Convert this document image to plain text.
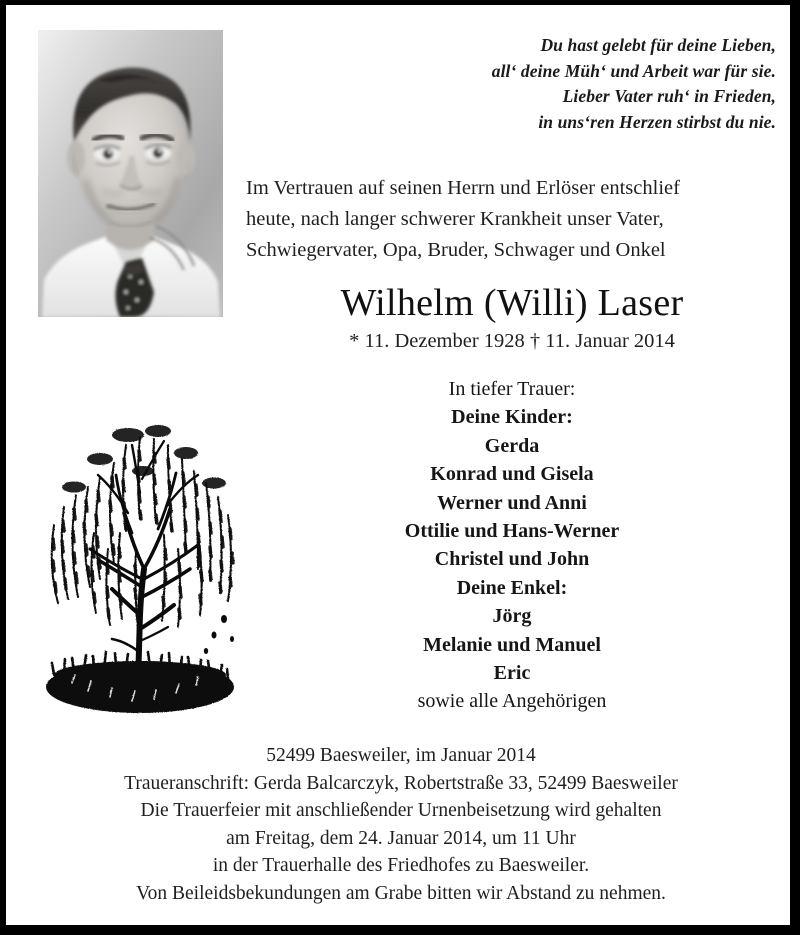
Du hast gelebt für deine Lieben,
all‘ deine Müh‘ und Arbeit war für sie.
Lieber Vater ruh‘ in Frieden,
in uns‘ren Herzen stirbst du nie.
Im Vertrauen auf seinen Herrn und Erlöser entschlief
heute, nach langer schwerer Krankheit unser Vater,
Schwiegervater, Opa, Bruder, Schwager und Onkel
Wilhelm (Willi) Laser
* 11. Dezember 1928 † 11. Januar 2014
In tiefer Trauer:
Deine Kinder:
Gerda
Konrad und Gisela
Werner und Anni
Ottilie und Hans-Werner
Christel und John
Deine Enkel:
Jörg
Melanie und Manuel
Eric
sowie alle Angehörigen
52499 Baesweiler, im Januar 2014
Traueranschrift: Gerda Balcarczyk, Robertstraße 33, 52499 Baesweiler
Die Trauerfeier mit anschließender Urnenbeisetzung wird gehalten
am Freitag, dem 24. Januar 2014, um 11 Uhr
in der Trauerhalle des Friedhofes zu Baesweiler.
Von Beileidsbekundungen am Grabe bitten wir Abstand zu nehmen.
